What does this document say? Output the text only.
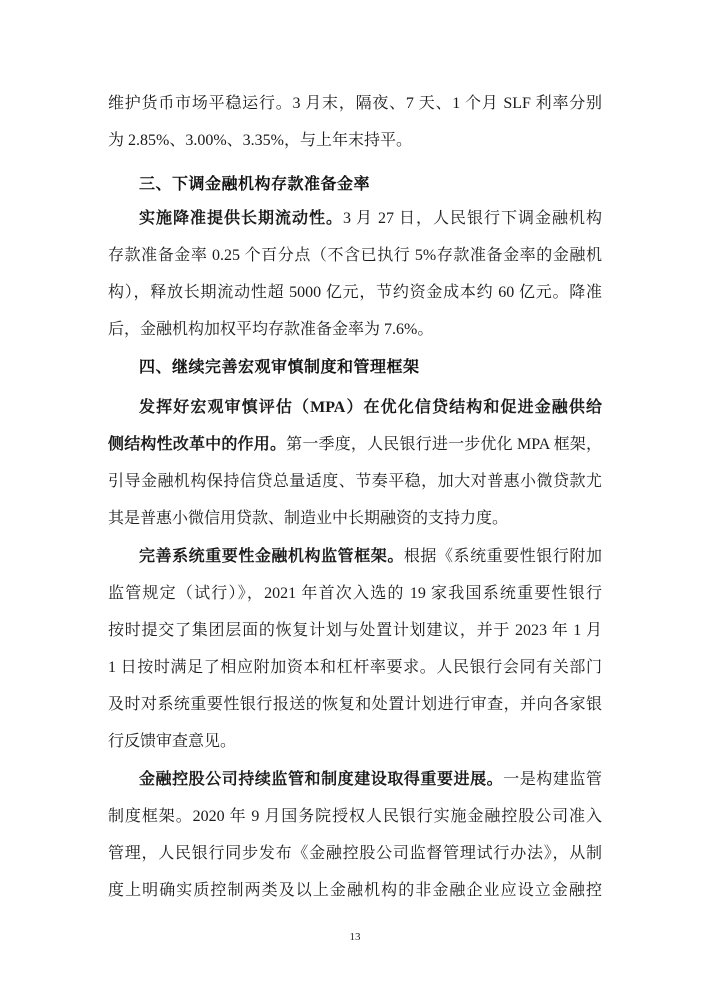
维护货币市场平稳运行。3 月末，隔夜、7 天、1 个月 SLF 利率分别
为 2.85%、3.00%、3.35%，与上年末持平。
三、下调金融机构存款准备金率
实施降准提供长期流动性。3 月 27 日，人民银行下调金融机构
存款准备金率 0.25 个百分点（不含已执行 5%存款准备金率的金融机
构），释放长期流动性超 5000 亿元，节约资金成本约 60 亿元。降准
后，金融机构加权平均存款准备金率为 7.6%。
四、继续完善宏观审慎制度和管理框架
发挥好宏观审慎评估（MPA）在优化信贷结构和促进金融供给
侧结构性改革中的作用。第一季度，人民银行进一步优化 MPA 框架，
引导金融机构保持信贷总量适度、节奏平稳，加大对普惠小微贷款尤
其是普惠小微信用贷款、制造业中长期融资的支持力度。
完善系统重要性金融机构监管框架。根据《系统重要性银行附加
监管规定（试行）》，2021 年首次入选的 19 家我国系统重要性银行
按时提交了集团层面的恢复计划与处置计划建议，并于 2023 年 1 月
1 日按时满足了相应附加资本和杠杆率要求。人民银行会同有关部门
及时对系统重要性银行报送的恢复和处置计划进行审查，并向各家银
行反馈审查意见。
金融控股公司持续监管和制度建设取得重要进展。一是构建监管
制度框架。2020 年 9 月国务院授权人民银行实施金融控股公司准入
管理，人民银行同步发布《金融控股公司监督管理试行办法》，从制
度上明确实质控制两类及以上金融机构的非金融企业应设立金融控
13
